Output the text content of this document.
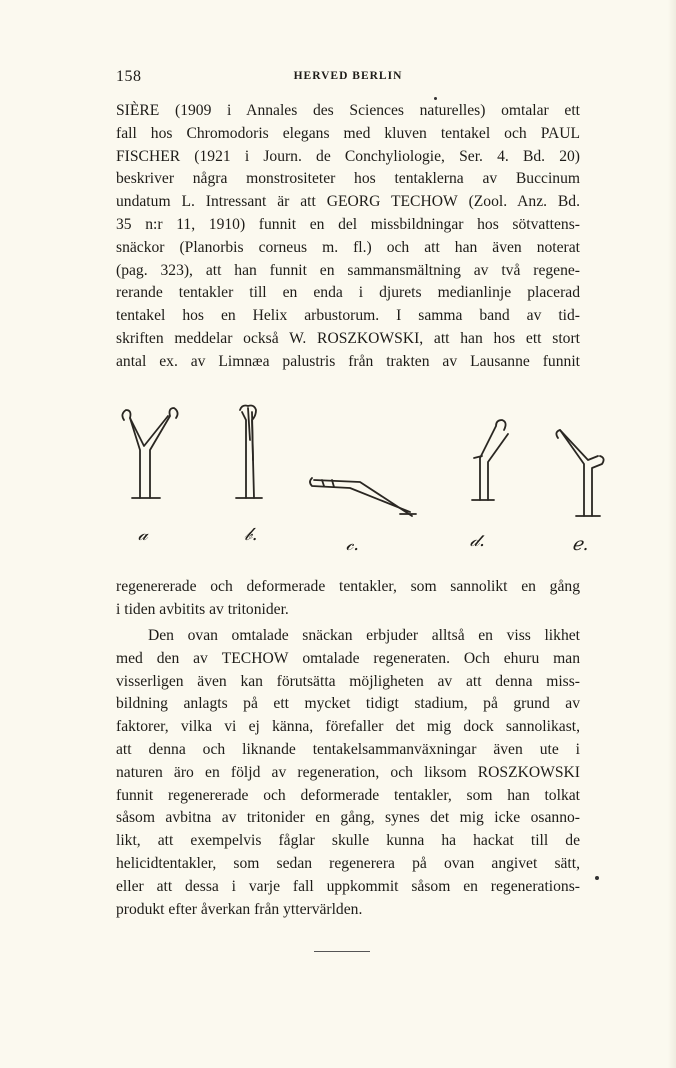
158	HERVED BERLIN
SIÈRE (1909 i Annales des Sciences naturelles) omtalar ett
fall hos Chromodoris elegans med kluven tentakel och PAUL
FISCHER (1921 i Journ. de Conchyliologie, Ser. 4. Bd. 20)
beskriver några monstrositeter hos tentaklerna av Buccinum
undatum L. Intressant är att GEORG TECHOW (Zool. Anz. Bd.
35 n:r 11, 1910) funnit en del missbildningar hos sötvattens-
snäckor (Planorbis corneus m. fl.) och att han även noterat
(pag. 323), att han funnit en sammansmältning av två regene-
rerande tentakler till en enda i djurets medianlinje placerad
tentakel hos en Helix arbustorum. I samma band av tid-
skriften meddelar också W. ROSZKOWSKI, att han hos ett stort
antal ex. av Limnæa palustris från trakten av Lausanne funnit
𝒶	𝒷.	𝒸.	𝒹.	ℯ.
regenererade och deformerade tentakler, som sannolikt en gång
i tiden avbitits av tritonider.
Den ovan omtalade snäckan erbjuder alltså en viss likhet
med den av TECHOW omtalade regeneraten. Och ehuru man
visserligen även kan förutsätta möjligheten av att denna miss-
bildning anlagts på ett mycket tidigt stadium, på grund av
faktorer, vilka vi ej känna, förefaller det mig dock sannolikast,
att denna och liknande tentakelsammanväxningar även ute i
naturen äro en följd av regeneration, och liksom ROSZKOWSKI
funnit regenererade och deformerade tentakler, som han tolkat
såsom avbitna av tritonider en gång, synes det mig icke osanno-
likt, att exempelvis fåglar skulle kunna ha hackat till de
helicidtentakler, som sedan regenerera på ovan angivet sätt,
eller att dessa i varje fall uppkommit såsom en regenerations-
produkt efter åverkan från yttervärlden.
